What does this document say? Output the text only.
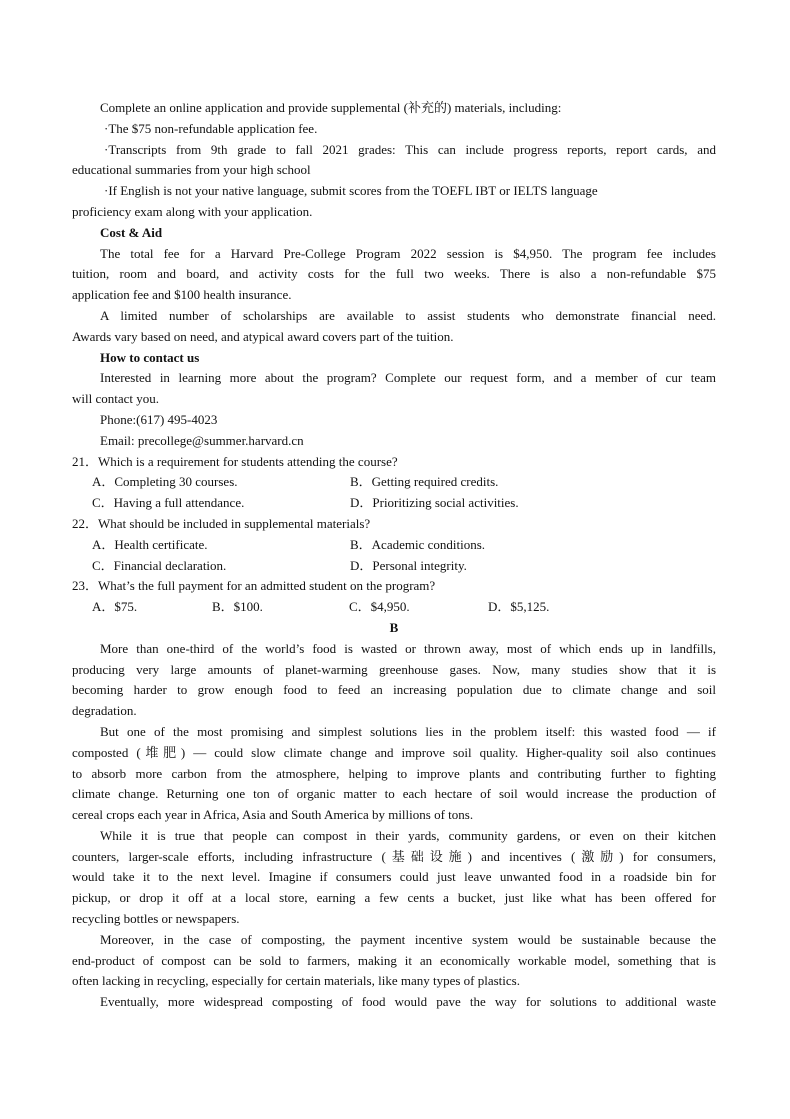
Complete an online application and provide supplemental (补充的) materials, including:
·The $75 non-refundable application fee.
·Transcripts from 9th grade to fall 2021 grades: This can include progress reports, report cards, and
educational summaries from your high school
·If English is not your native language, submit scores from the TOEFL IBT or IELTS language
proficiency exam along with your application.
Cost & Aid
The total fee for a Harvard Pre-College Program 2022 session is $4,950. The program fee includes
tuition, room and board, and activity costs for the full two weeks. There is also a non-refundable $75
application fee and $100 health insurance.
A limited number of scholarships are available to assist students who demonstrate financial need.
Awards vary based on need, and atypical award covers part of the tuition.
How to contact us
Interested in learning more about the program? Complete our request form, and a member of cur team
will contact you.
Phone:(617) 495-4023
Email: precollege@summer.harvard.cn
21．Which is a requirement for students attending the course?
A．Completing 30 courses.	B．Getting required credits.
C．Having a full attendance.	D．Prioritizing social activities.
22．What should be included in supplemental materials?
A．Health certificate.	B．Academic conditions.
C．Financial declaration.	D．Personal integrity.
23．What’s the full payment for an admitted student on the program?
A．$75.	B．$100.	C．$4,950.	D．$5,125.
B
More than one-third of the world’s food is wasted or thrown away, most of which ends up in landfills,
producing very large amounts of planet-warming greenhouse gases. Now, many studies show that it is
becoming harder to grow enough food to feed an increasing population due to climate change and soil
degradation.
But one of the most promising and simplest solutions lies in the problem itself: this wasted food — if
composted (堆肥) — could slow climate change and improve soil quality. Higher-quality soil also continues
to absorb more carbon from the atmosphere, helping to improve plants and contributing further to fighting
climate change. Returning one ton of organic matter to each hectare of soil would increase the production of
cereal crops each year in Africa, Asia and South America by millions of tons.
While it is true that people can compost in their yards, community gardens, or even on their kitchen
counters, larger-scale efforts, including infrastructure (基础设施) and incentives (激励) for consumers,
would take it to the next level. Imagine if consumers could just leave unwanted food in a roadside bin for
pickup, or drop it off at a local store, earning a few cents a bucket, just like what has been offered for
recycling bottles or newspapers.
Moreover, in the case of composting, the payment incentive system would be sustainable because the
end-product of compost can be sold to farmers, making it an economically workable model, something that is
often lacking in recycling, especially for certain materials, like many types of plastics.
Eventually, more widespread composting of food would pave the way for solutions to additional waste
